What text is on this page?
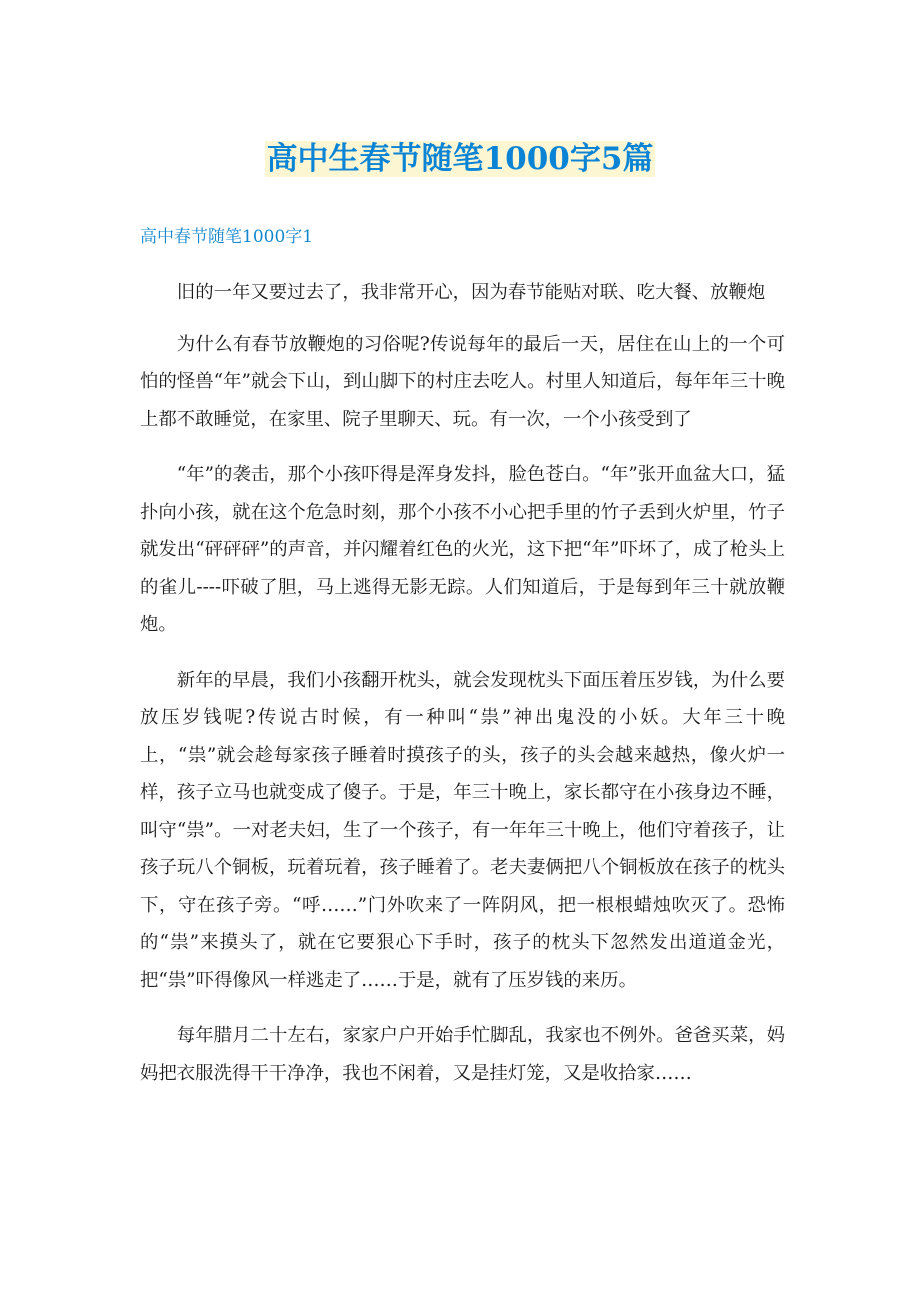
高中生春节随笔1000字5篇
高中春节随笔1000字1

旧的一年又要过去了，我非常开心，因为春节能贴对联、吃大餐、放鞭炮

为什么有春节放鞭炮的习俗呢?传说每年的最后一天，居住在山上的一个可怕的怪兽“年”就会下山，到山脚下的村庄去吃人。村里人知道后，每年年三十晚上都不敢睡觉，在家里、院子里聊天、玩。有一次，一个小孩受到了

“年”的袭击，那个小孩吓得是浑身发抖，脸色苍白。“年”张开血盆大口，猛扑向小孩，就在这个危急时刻，那个小孩不小心把手里的竹子丢到火炉里，竹子就发出“砰砰砰”的声音，并闪耀着红色的火光，这下把“年”吓坏了，成了枪头上的雀儿----吓破了胆，马上逃得无影无踪。人们知道后，于是每到年三十就放鞭炮。

新年的早晨，我们小孩翻开枕头，就会发现枕头下面压着压岁钱，为什么要放压岁钱呢?传说古时候，有一种叫“祟”神出鬼没的小妖。大年三十晚上，“祟”就会趁每家孩子睡着时摸孩子的头，孩子的头会越来越热，像火炉一样，孩子立马也就变成了傻子。于是，年三十晚上，家长都守在小孩身边不睡，叫守“祟”。一对老夫妇，生了一个孩子，有一年年三十晚上，他们守着孩子，让孩子玩八个铜板，玩着玩着，孩子睡着了。老夫妻俩把八个铜板放在孩子的枕头下，守在孩子旁。“呼……”门外吹来了一阵阴风，把一根根蜡烛吹灭了。恐怖的“祟”来摸头了，就在它要狠心下手时，孩子的枕头下忽然发出道道金光，把“祟”吓得像风一样逃走了……于是，就有了压岁钱的来历。

每年腊月二十左右，家家户户开始手忙脚乱，我家也不例外。爸爸买菜，妈妈把衣服洗得干干净净，我也不闲着，又是挂灯笼，又是收拾家……
